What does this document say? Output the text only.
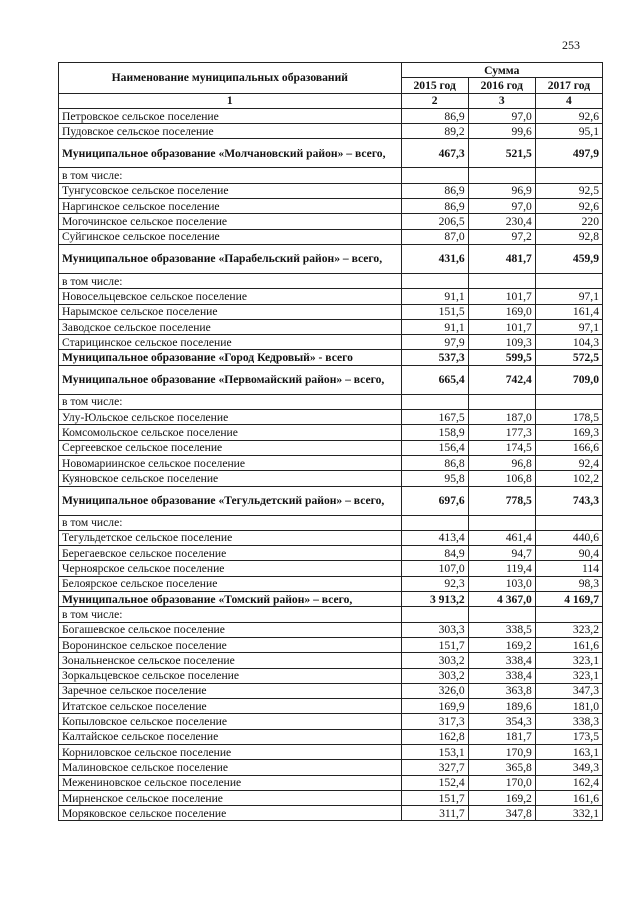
253
Наименование муниципальных образований	Сумма		
	2015 год	2016 год	2017 год
1	2	3	4
Петровское сельское поселение	86,9	97,0	92,6
Пудовское сельское поселение	89,2	99,6	95,1
Муниципальное образование «Молчановский район» – всего,	467,3	521,5	497,9
в том числе:			
Тунгусовское сельское поселение	86,9	96,9	92,5
Наргинское сельское поселение	86,9	97,0	92,6
Могочинское сельское поселение	206,5	230,4	220
Суйгинское сельское поселение	87,0	97,2	92,8
Муниципальное образование «Парабельский район» – всего,	431,6	481,7	459,9
в том числе:			
Новосельцевское сельское поселение	91,1	101,7	97,1
Нарымское сельское поселение	151,5	169,0	161,4
Заводское сельское поселение	91,1	101,7	97,1
Старицинское сельское поселение	97,9	109,3	104,3
Муниципальное образование «Город Кедровый» - всего	537,3	599,5	572,5
Муниципальное образование «Первомайский район» – всего,	665,4	742,4	709,0
в том числе:			
Улу-Юльское сельское поселение	167,5	187,0	178,5
Комсомольское сельское поселение	158,9	177,3	169,3
Сергеевское сельское поселение	156,4	174,5	166,6
Новомариинское сельское поселение	86,8	96,8	92,4
Куяновское сельское поселение	95,8	106,8	102,2
Муниципальное образование «Тегульдетский район» – всего,	697,6	778,5	743,3
в том числе:			
Тегульдетское сельское поселение	413,4	461,4	440,6
Берегаевское сельское поселение	84,9	94,7	90,4
Черноярское сельское поселение	107,0	119,4	114
Белоярское сельское поселение	92,3	103,0	98,3
Муниципальное образование «Томский район» – всего,	3 913,2	4 367,0	4 169,7
в том числе:			
Богашевское сельское поселение	303,3	338,5	323,2
Воронинское сельское поселение	151,7	169,2	161,6
Зональненское сельское поселение	303,2	338,4	323,1
Зоркальцевское сельское поселение	303,2	338,4	323,1
Заречное сельское поселение	326,0	363,8	347,3
Итатское сельское поселение	169,9	189,6	181,0
Копыловское сельское поселение	317,3	354,3	338,3
Калтайское сельское поселение	162,8	181,7	173,5
Корниловское сельское поселение	153,1	170,9	163,1
Малиновское сельское поселение	327,7	365,8	349,3
Межениновское сельское поселение	152,4	170,0	162,4
Мирненское сельское поселение	151,7	169,2	161,6
Моряковское сельское поселение	311,7	347,8	332,1
